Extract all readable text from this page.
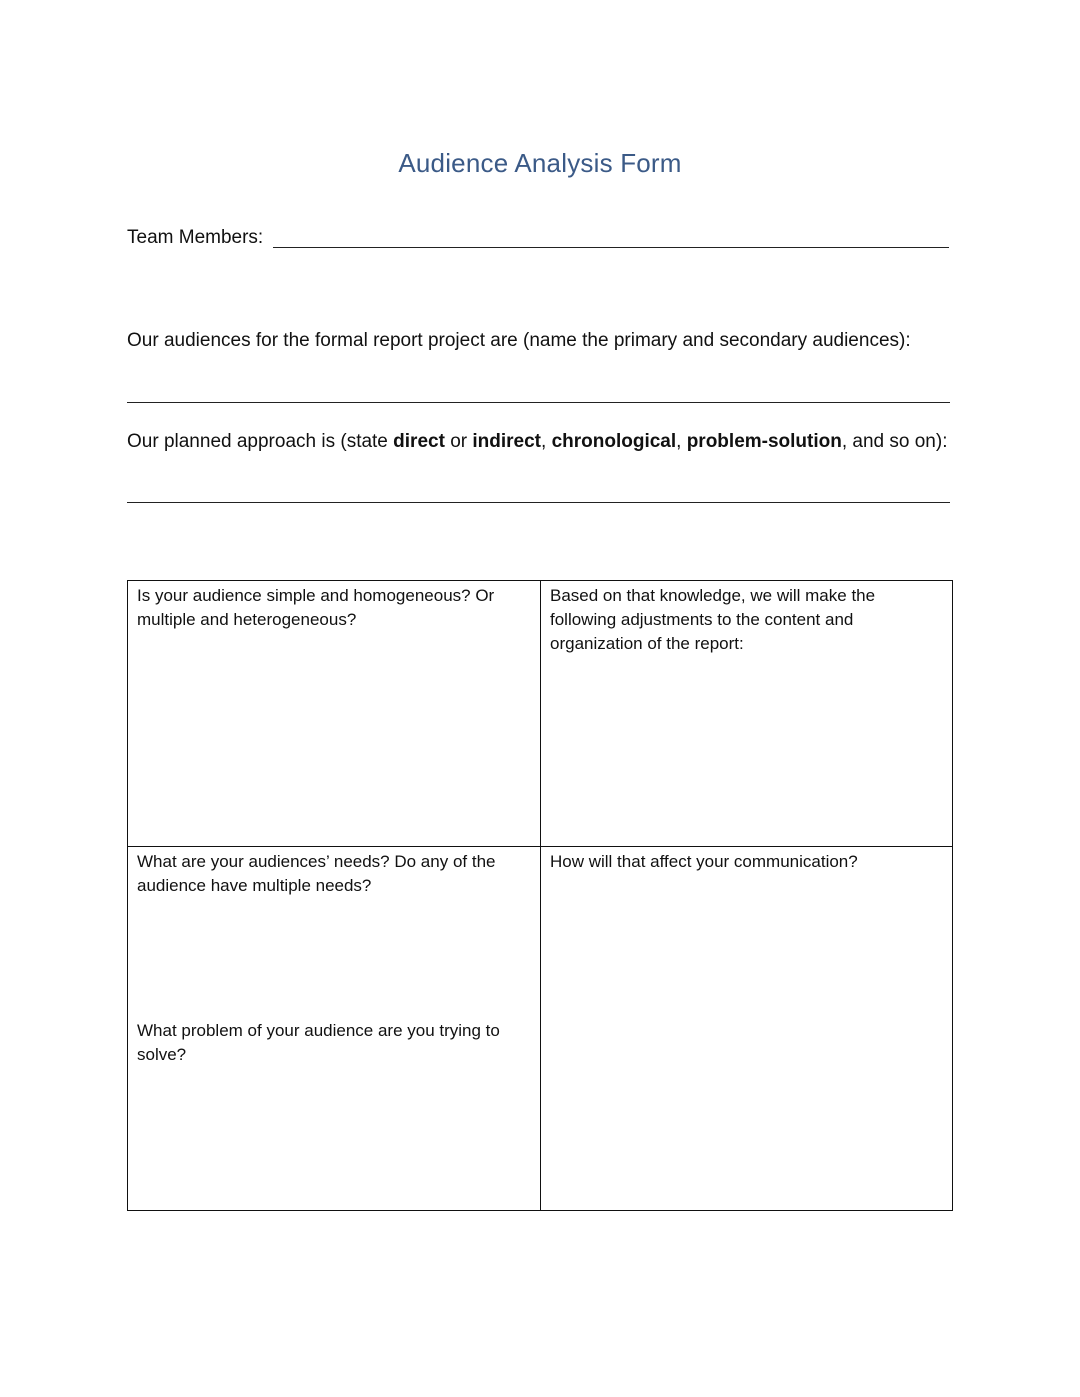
Audience Analysis Form
Team Members:
Our audiences for the formal report project are (name the primary and secondary audiences):
Our planned approach is (state direct or indirect, chronological, problem-solution, and so on):
Is your audience simple and homogeneous? Or multiple and heterogeneous?
Based on that knowledge, we will make the following adjustments to the content and organization of the report:
What are your audiences’ needs? Do any of the audience have multiple needs?
What problem of your audience are you trying to solve?
How will that affect your communication?
